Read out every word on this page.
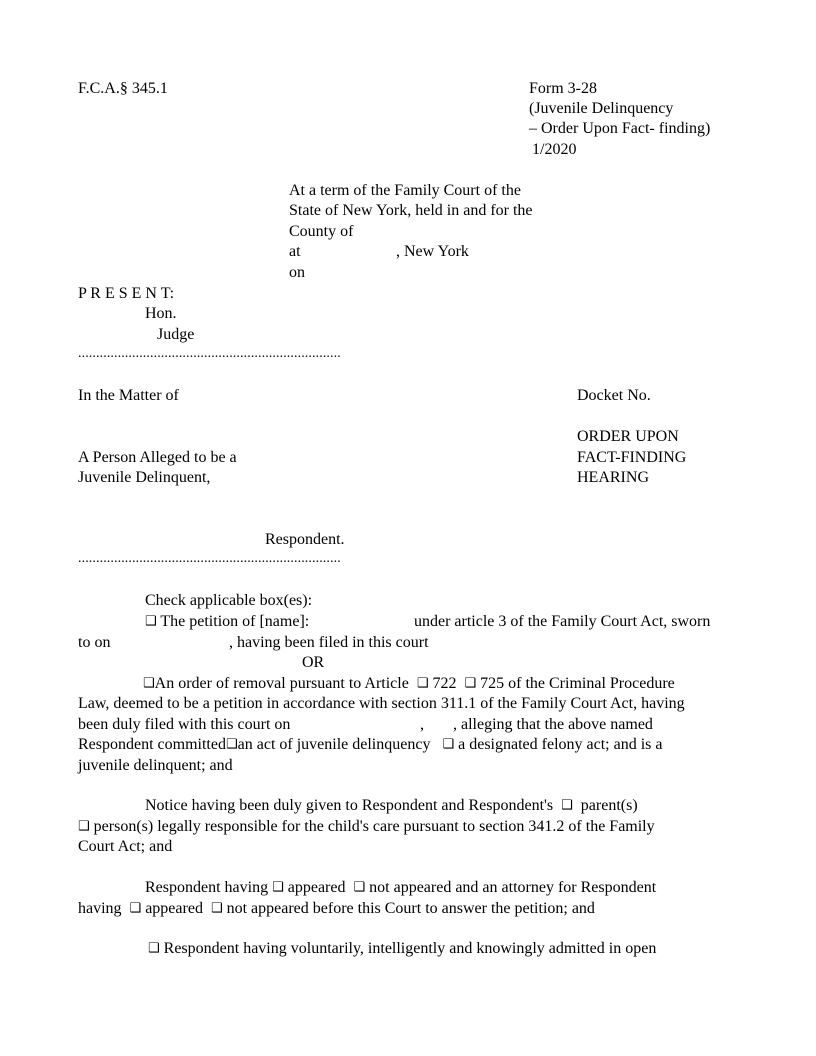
F.C.A.§ 345.1	Form 3-28
(Juvenile Delinquency
– Order Upon Fact- finding)
1/2020
At a term of the Family Court of the
State of New York, held in and for the
County of
at	, New York
on
P R E S E N T:
Hon.
Judge
.........................................................................
In the Matter of	Docket No.
ORDER UPON
A Person Alleged to be a	FACT-FINDING
Juvenile Delinquent,	HEARING
Respondent.
.........................................................................
Check applicable box(es):
❑ The petition of [name]:	under article 3 of the Family Court Act, sworn
to on	, having been filed in this court
OR
❑An order of removal pursuant to Article ❑ 722 ❑ 725 of the Criminal Procedure
Law, deemed to be a petition in accordance with section 311.1 of the Family Court Act, having
been duly filed with this court on	, , alleging that the above named
Respondent committed❑an act of juvenile delinquency ❑ a designated felony act; and is a
juvenile delinquent; and
Notice having been duly given to Respondent and Respondent's ❑ parent(s)
❑ person(s) legally responsible for the child's care pursuant to section 341.2 of the Family
Court Act; and
Respondent having ❑ appeared ❑ not appeared and an attorney for Respondent
having ❑ appeared ❑ not appeared before this Court to answer the petition; and
❑ Respondent having voluntarily, intelligently and knowingly admitted in open
